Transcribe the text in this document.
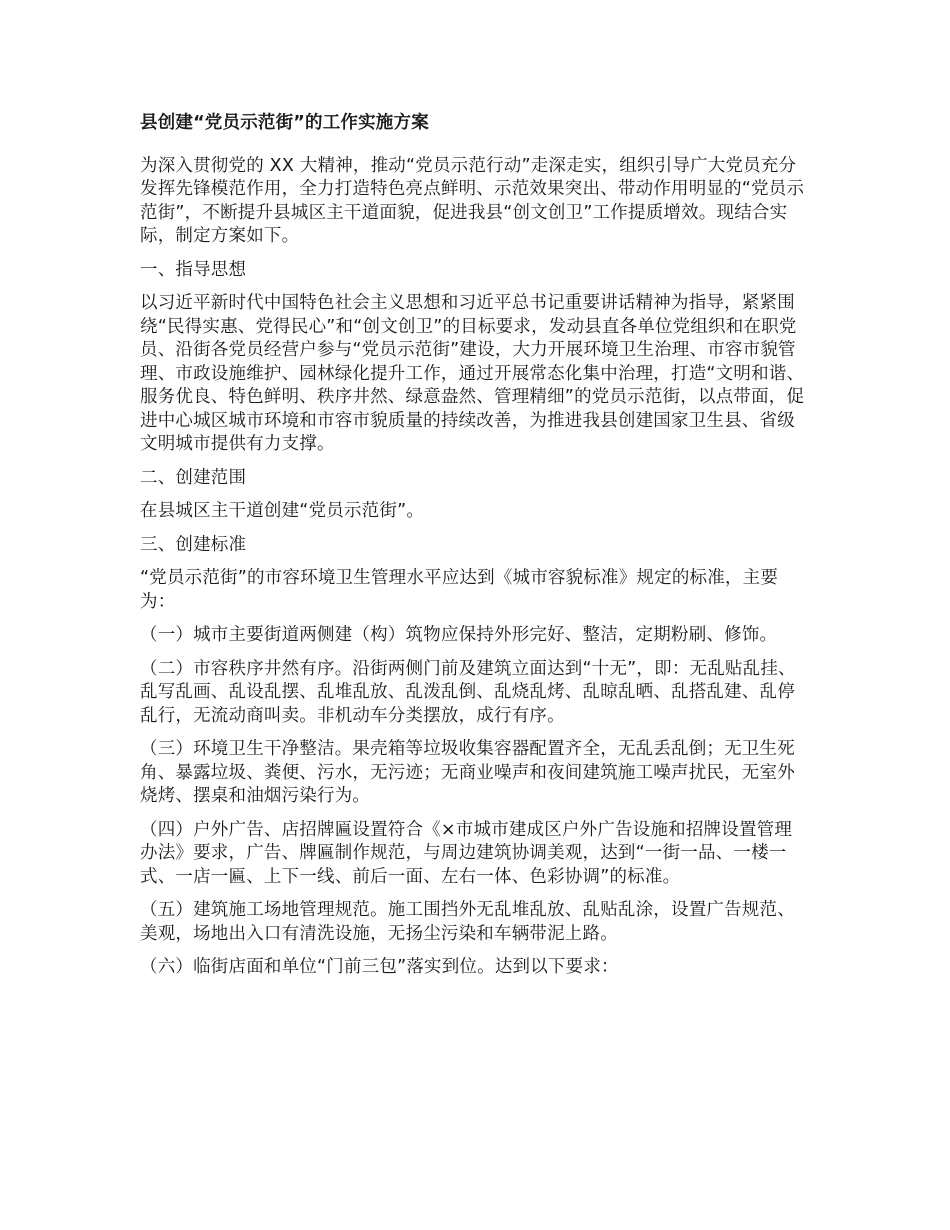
县创建“党员示范街”的工作实施方案

为深入贯彻党的 XX 大精神，推动“党员示范行动”走深走实，组织引导广大党员充分发挥先锋模范作用，全力打造特色亮点鲜明、示范效果突出、带动作用明显的“党员示范街”，不断提升县城区主干道面貌，促进我县“创文创卫”工作提质增效。现结合实际，制定方案如下。

一、指导思想

以习近平新时代中国特色社会主义思想和习近平总书记重要讲话精神为指导，紧紧围绕“民得实惠、党得民心”和“创文创卫”的目标要求，发动县直各单位党组织和在职党员、沿街各党员经营户参与“党员示范街”建设，大力开展环境卫生治理、市容市貌管理、市政设施维护、园林绿化提升工作，通过开展常态化集中治理，打造“文明和谐、服务优良、特色鲜明、秩序井然、绿意盎然、管理精细”的党员示范街，以点带面，促进中心城区城市环境和市容市貌质量的持续改善，为推进我县创建国家卫生县、省级文明城市提供有力支撑。

二、创建范围

在县城区主干道创建“党员示范街”。

三、创建标准

“党员示范街”的市容环境卫生管理水平应达到《城市容貌标准》规定的标准，主要为：

（一）城市主要街道两侧建（构）筑物应保持外形完好、整洁，定期粉刷、修饰。

（二）市容秩序井然有序。沿街两侧门前及建筑立面达到“十无”，即：无乱贴乱挂、乱写乱画、乱设乱摆、乱堆乱放、乱泼乱倒、乱烧乱烤、乱晾乱晒、乱搭乱建、乱停乱行，无流动商叫卖。非机动车分类摆放，成行有序。

（三）环境卫生干净整洁。果壳箱等垃圾收集容器配置齐全，无乱丢乱倒；无卫生死角、暴露垃圾、粪便、污水，无污迹；无商业噪声和夜间建筑施工噪声扰民，无室外烧烤、摆桌和油烟污染行为。

（四）户外广告、店招牌匾设置符合《×市城市建成区户外广告设施和招牌设置管理办法》要求，广告、牌匾制作规范，与周边建筑协调美观，达到“一街一品、一楼一式、一店一匾、上下一线、前后一面、左右一体、色彩协调”的标准。

（五）建筑施工场地管理规范。施工围挡外无乱堆乱放、乱贴乱涂，设置广告规范、美观，场地出入口有清洗设施，无扬尘污染和车辆带泥上路。

（六）临街店面和单位“门前三包”落实到位。达到以下要求：
